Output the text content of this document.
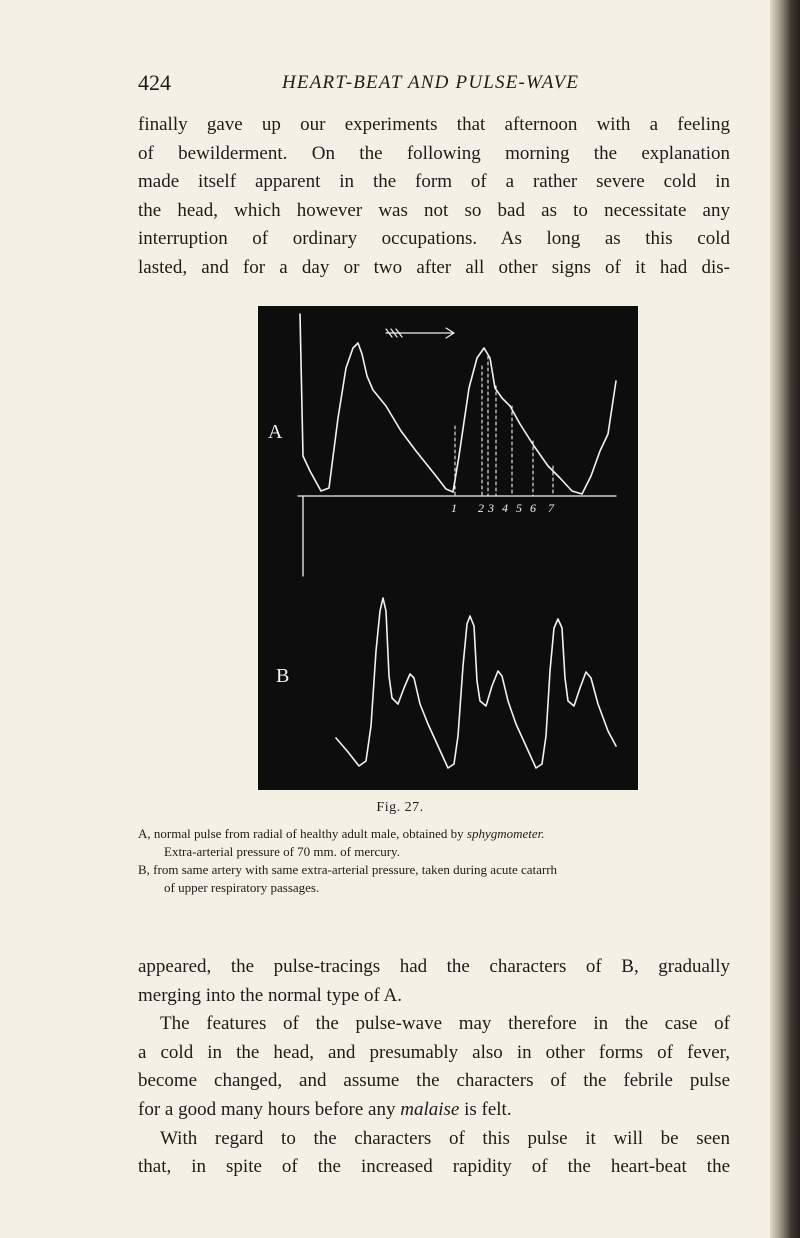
424	HEART-BEAT AND PULSE-WAVE

finally gave up our experiments that afternoon with a feeling
of bewilderment. On the following morning the explanation
made itself apparent in the form of a rather severe cold in
the head, which however was not so bad as to necessitate any
interruption of ordinary occupations. As long as this cold
lasted, and for a day or two after all other signs of it had dis-

A
B
1 2 3 4 5 6 7
Fig. 27.

A, normal pulse from radial of healthy adult male, obtained by sphygmometer.
Extra-arterial pressure of 70 mm. of mercury.

B, from same artery with same extra-arterial pressure, taken during acute catarrh
of upper respiratory passages.

appeared, the pulse-tracings had the characters of B, gradually
merging into the normal type of A.
The features of the pulse-wave may therefore in the case of
a cold in the head, and presumably also in other forms of fever,
become changed, and assume the characters of the febrile pulse
for a good many hours before any malaise is felt.
With regard to the characters of this pulse it will be seen
that, in spite of the increased rapidity of the heart-beat the
